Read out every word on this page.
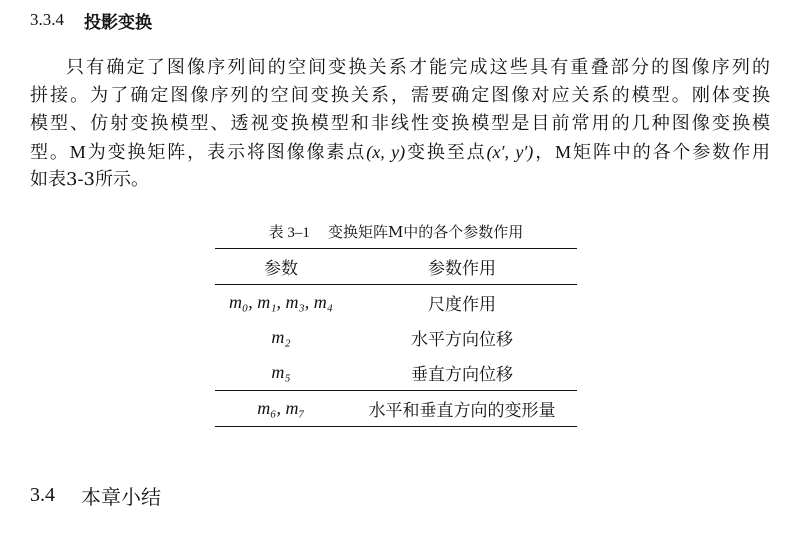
3.3.4 投影变换

只有确定了图像序列间的空间变换关系才能完成这些具有重叠部分的图像序列的
拼接。为了确定图像序列的空间变换关系，需要确定图像对应关系的模型。刚体变换
模型、仿射变换模型、透视变换模型和非线性变换模型是目前常用的几种图像变换模
型。M为变换矩阵，表示将图像像素点(x, y)变换至点(x′, y′)，M矩阵中的各个参数作用
如表3-3所示。

表 3–1 变换矩阵M中的各个参数作用
参数	参数作用
m₀, m₁, m₃, m₄	尺度作用
m₂	水平方向位移
m₅	垂直方向位移
m₆, m₇	水平和垂直方向的变形量
3.4 本章小结
